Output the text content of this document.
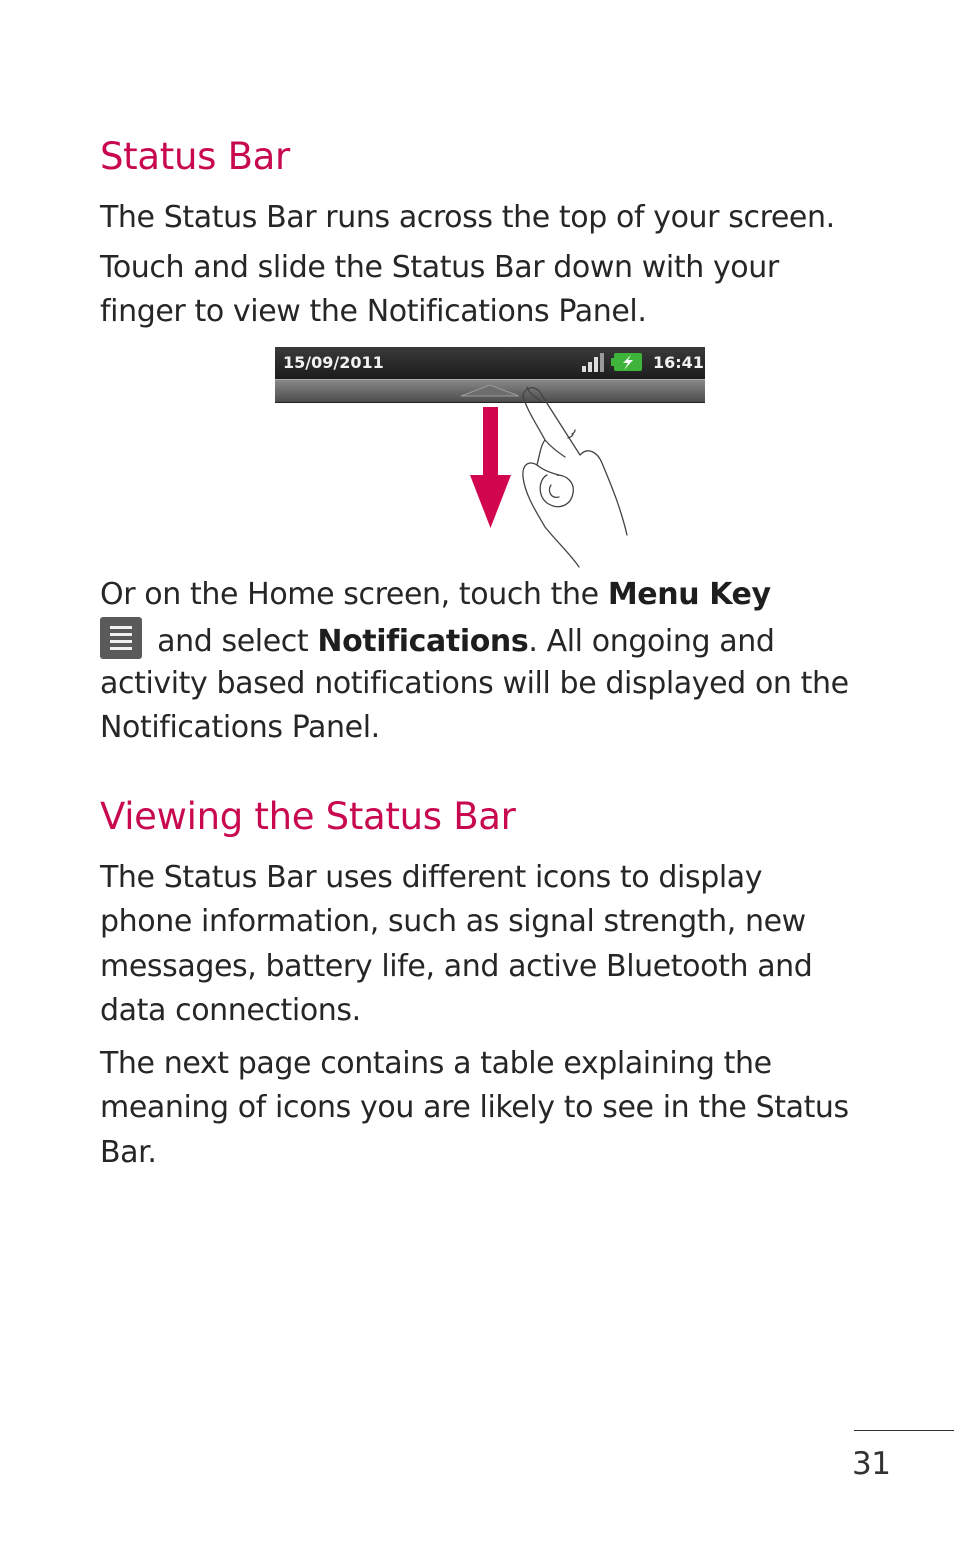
Status Bar

The Status Bar runs across the top of your screen.

Touch and slide the Status Bar down with your

finger to view the Notifications Panel.

15/09/2011	16:41

Or on the Home screen, touch the Menu Key

and select Notifications. All ongoing and

activity based notifications will be displayed on the

Notifications Panel.

Viewing the Status Bar

The Status Bar uses different icons to display

phone information, such as signal strength, new

messages, battery life, and active Bluetooth and

data connections.

The next page contains a table explaining the

meaning of icons you are likely to see in the Status

Bar.

31
